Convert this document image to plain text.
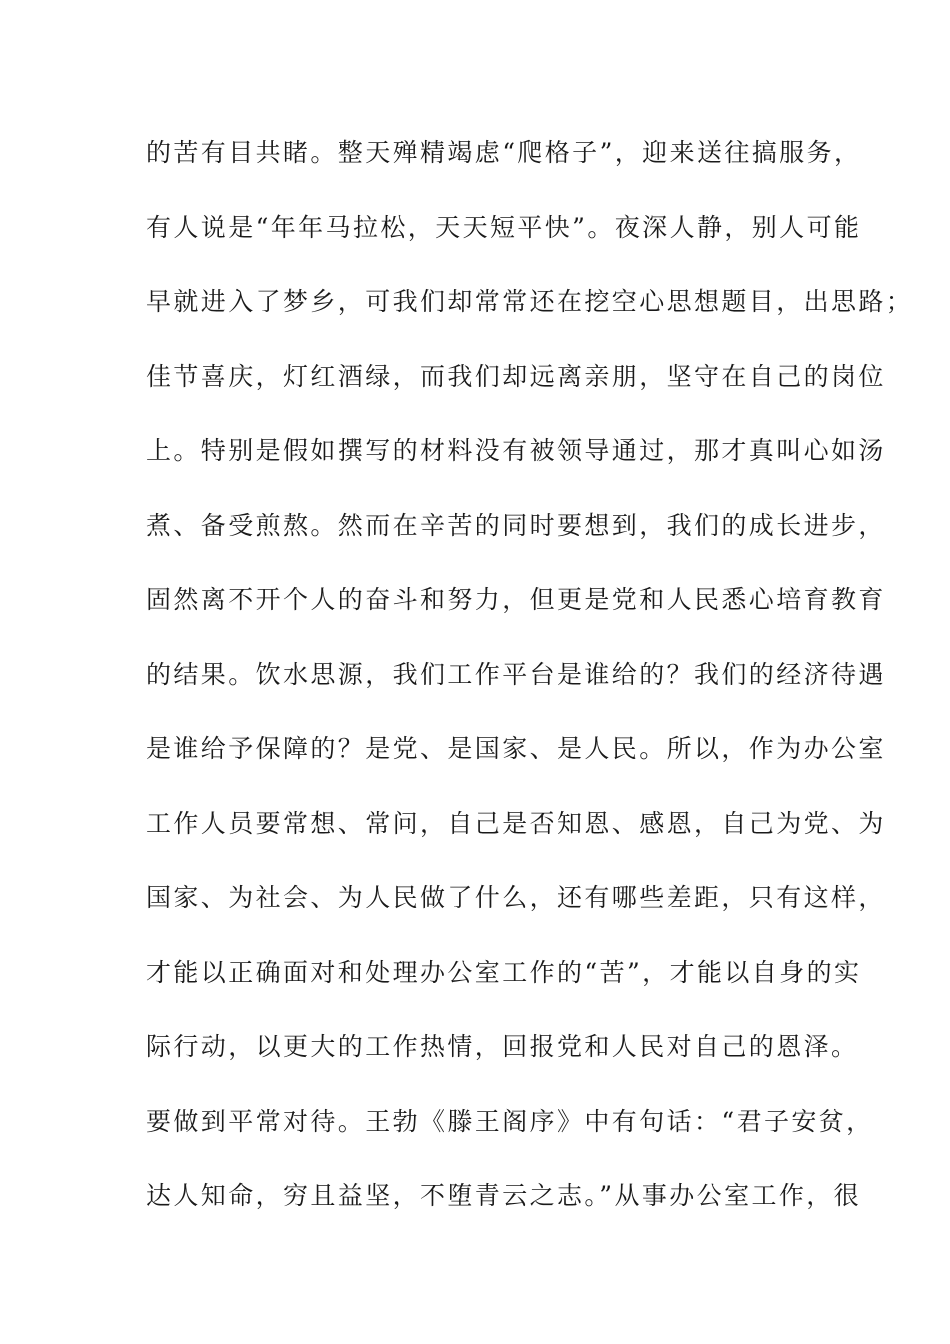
的苦有目共睹。整天殚精竭虑“爬格子”，迎来送往搞服务，
有人说是“年年马拉松，天天短平快”。夜深人静，别人可能
早就进入了梦乡，可我们却常常还在挖空心思想题目，出思路；
佳节喜庆，灯红酒绿，而我们却远离亲朋，坚守在自己的岗位
上。特别是假如撰写的材料没有被领导通过，那才真叫心如汤
煮、备受煎熬。然而在辛苦的同时要想到，我们的成长进步，
固然离不开个人的奋斗和努力，但更是党和人民悉心培育教育
的结果。饮水思源，我们工作平台是谁给的？我们的经济待遇
是谁给予保障的？是党、是国家、是人民。所以，作为办公室
工作人员要常想、常问，自己是否知恩、感恩，自己为党、为
国家、为社会、为人民做了什么，还有哪些差距，只有这样，
才能以正确面对和处理办公室工作的“苦”，才能以自身的实
际行动，以更大的工作热情，回报党和人民对自己的恩泽。
要做到平常对待。王勃《滕王阁序》中有句话：“君子安贫，
达人知命，穷且益坚，不堕青云之志。”从事办公室工作，很
